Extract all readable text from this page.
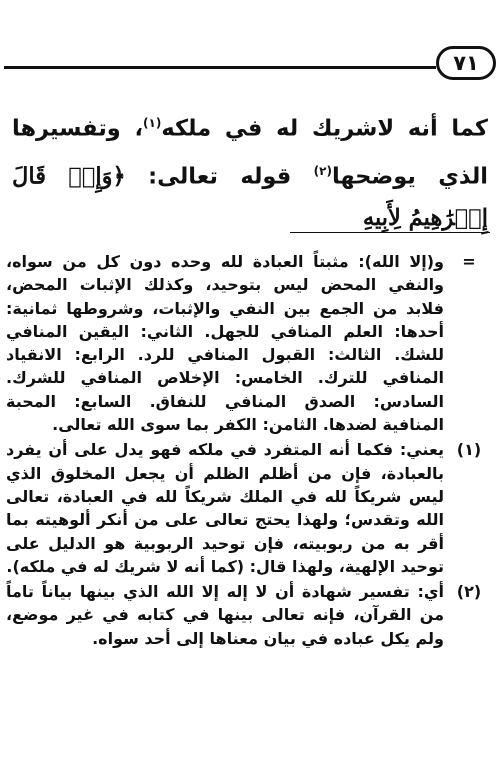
٧١
كما أنه لاشريك له في ملكه$^{(١)}$، وتفسيرها الذي يوضحها$^{(٢)}$ قوله تعالى: ﴿وَإِذۡ قَالَ إِبۡرَٰهِيمُ لِأَبِيهِ
=
و(إلا الله): مثبتاً العبادة لله وحده دون كل من سواه، والنفي المحض ليس بتوحيد، وكذلك الإثبات المحض، فلابد من الجمع بين النفي والإثبات، وشروطها ثمانية: أحدها: العلم المنافي للجهل. الثاني: اليقين المنافي للشك. الثالث: القبول المنافي للرد. الرابع: الانقياد المنافي للترك. الخامس: الإخلاص المنافي للشرك. السادس: الصدق المنافي للنفاق. السابع: المحبة المنافية لضدها. الثامن: الكفر بما سوى الله تعالى.
(١)
يعني: فكما أنه المتفرد في ملكه فهو يدل على أن يفرد بالعبادة، فإن من أظلم الظلم أن يجعل المخلوق الذي ليس شريكاً لله في الملك شريكاً لله في العبادة، تعالى الله وتقدس؛ ولهذا يحتج تعالى على من أنكر ألوهيته بما أقر به من ربوبيته، فإن توحيد الربوبية هو الدليل على توحيد الإلهية، ولهذا قال: (كما أنه لا شريك له في ملكه).
(٢)
أي: تفسير شهادة أن لا إله إلا الله الذي بينها بياناً تاماً من القرآن، فإنه تعالى بينها في كتابه في غير موضع، ولم يكل عباده في بيان معناها إلى أحد سواه.
